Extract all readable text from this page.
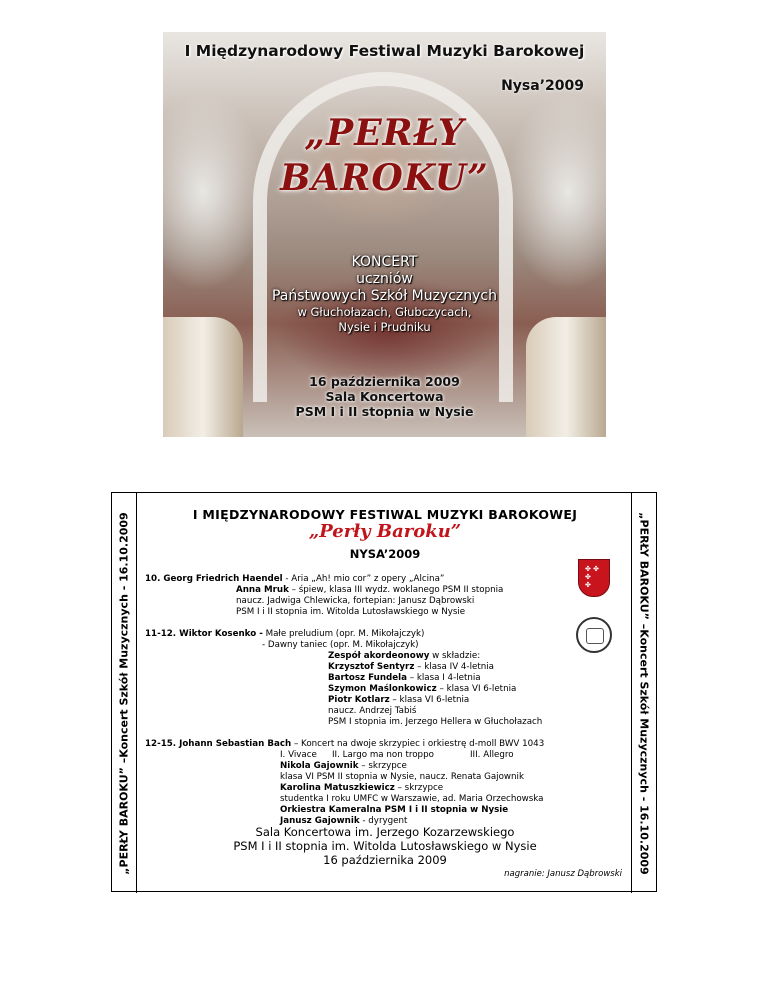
I Międzynarodowy Festiwal Muzyki Barokowej
Nysa’2009
„PERŁY
BAROKU”
KONCERT
uczniów
Państwowych Szkół Muzycznych
w Głuchołazach, Głubczycach,
Nysie i Prudniku
16 października 2009
Sala Koncertowa
PSM I i II stopnia w Nysie
„PERŁY BAROKU” –Koncert Szkół Muzycznych - 16.10.2009	„PERŁY BAROKU” –Koncert Szkół Muzycznych - 16.10.2009
I MIĘDZYNARODOWY FESTIWAL MUZYKI BAROKOWEJ
„Perły Baroku”
NYSA’2009
✤ ✤ ✤ ✤
10. Georg Friedrich Haendel - Aria „Ah! mio cor” z opery „Alcina”
Anna Mruk – śpiew, klasa III wydz. woklanego PSM II stopnia
naucz. Jadwiga Chlewicka, fortepian: Janusz Dąbrowski
PSM I i II stopnia im. Witolda Lutosławskiego w Nysie
11-12. Wiktor Kosenko - Małe preludium (opr. M. Mikołajczyk)
- Dawny taniec (opr. M. Mikołajczyk)
Zespół akordeonowy w składzie:
Krzysztof Sentyrz – klasa IV 4-letnia
Bartosz Fundela – klasa I 4-letnia
Szymon Maślonkowicz – klasa VI 6-letnia
Piotr Kotlarz – klasa VI 6-letnia
naucz. Andrzej Tabiś
PSM I stopnia im. Jerzego Hellera w Głuchołazach
12-15. Johann Sebastian Bach – Koncert na dwoje skrzypiec i orkiestrę d-moll BWV 1043
I. Vivace II. Largo ma non troppo	III. Allegro
Nikola Gajownik – skrzypce
klasa VI PSM II stopnia w Nysie, naucz. Renata Gajownik
Karolina Matuszkiewicz – skrzypce
studentka I roku UMFC w Warszawie, ad. Maria Orzechowska
Orkiestra Kameralna PSM I i II stopnia w Nysie
Janusz Gajownik - dyrygent
Sala Koncertowa im. Jerzego Kozarzewskiego
PSM I i II stopnia im. Witolda Lutosławskiego w Nysie
16 października 2009
nagranie: Janusz Dąbrowski
